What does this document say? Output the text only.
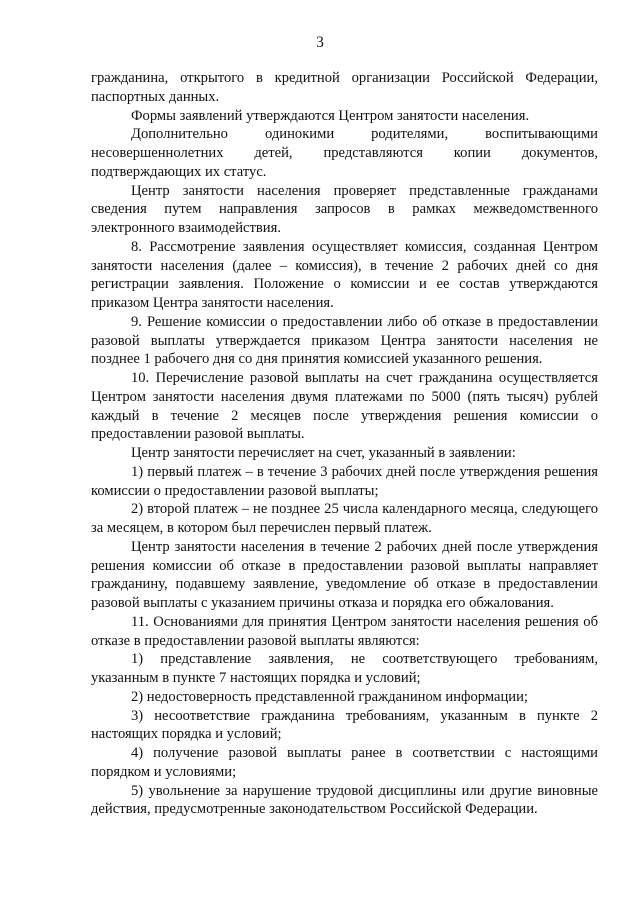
3

гражданина, открытого в кредитной организации Российской Федерации, паспортных данных.

Формы заявлений утверждаются Центром занятости населения.

Дополнительно одинокими родителями, воспитывающими несовершеннолетних детей, представляются копии документов, подтверждающих их статус.

Центр занятости населения проверяет представленные гражданами сведения путем направления запросов в рамках межведомственного электронного взаимодействия.

8. Рассмотрение заявления осуществляет комиссия, созданная Центром занятости населения (далее – комиссия), в течение 2 рабочих дней со дня регистрации заявления. Положение о комиссии и ее состав утверждаются приказом Центра занятости населения.

9. Решение комиссии о предоставлении либо об отказе в предоставлении разовой выплаты утверждается приказом Центра занятости населения не позднее 1 рабочего дня со дня принятия комиссией указанного решения.

10. Перечисление разовой выплаты на счет гражданина осуществляется Центром занятости населения двумя платежами по 5000 (пять тысяч) рублей каждый в течение 2 месяцев после утверждения решения комиссии о предоставлении разовой выплаты.

Центр занятости перечисляет на счет, указанный в заявлении:

1) первый платеж – в течение 3 рабочих дней после утверждения решения комиссии о предоставлении разовой выплаты;

2) второй платеж – не позднее 25 числа календарного месяца, следующего за месяцем, в котором был перечислен первый платеж.

Центр занятости населения в течение 2 рабочих дней после утверждения решения комиссии об отказе в предоставлении разовой выплаты направляет гражданину, подавшему заявление, уведомление об отказе в предоставлении разовой выплаты с указанием причины отказа и порядка его обжалования.

11. Основаниями для принятия Центром занятости населения решения об отказе в предоставлении разовой выплаты являются:

1) представление заявления, не соответствующего требованиям, указанным в пункте 7 настоящих порядка и условий;

2) недостоверность представленной гражданином информации;

3) несоответствие гражданина требованиям, указанным в пункте 2 настоящих порядка и условий;

4) получение разовой выплаты ранее в соответствии с настоящими порядком и условиями;

5) увольнение за нарушение трудовой дисциплины или другие виновные действия, предусмотренные законодательством Российской Федерации.
